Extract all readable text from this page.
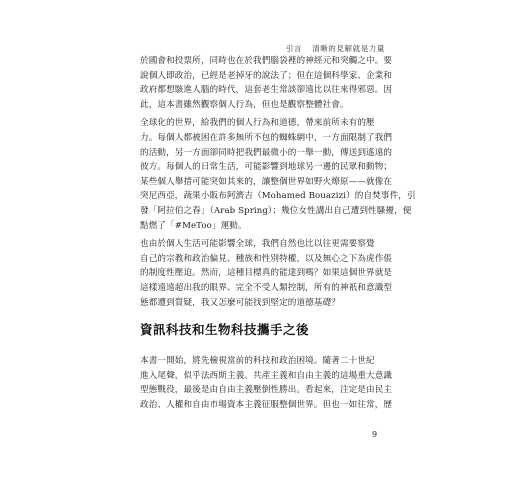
引言 清晰的見解就是力量
於國會和投票所，同時也在於我們腦袋裡的神經元和突觸之中。要
說個人即政治，已經是老掉牙的說法了；但在這個科學家、企業和
政府都想駭進人腦的時代，這套老生常談卻遠比以往來得邪惡。因
此，這本書雖然觀察個人行為，但也是觀察整體社會。
全球化的世界，給我們的個人行為和道德，帶來前所未有的壓
力。每個人都被困在許多無所不包的蜘蛛網中，一方面限制了我們
的活動，另一方面卻同時把我們最微小的一舉一動，傳送到遙遠的
彼方。每個人的日常生活，可能影響到地球另一邊的民眾和動物；
某些個人舉措可能突如其來的，讓整個世界如野火燎原——就像在
突尼西亞，蔬果小販布阿濟吉（Mohamed Bouazizi）的自焚事件，引
發「阿拉伯之春」（Arab Spring）；幾位女性講出自己遭到性騷擾，便
點燃了「#MeToo」運動。
也由於個人生活可能影響全球，我們自然也比以往更需要察覺
自己的宗教和政治偏見、種族和性別特權，以及無心之下為虎作倀
的制度性壓迫。然而，這種目標真的能達到嗎？如果這個世界就是
這樣遠遠超出我的眼界、完全不受人類控制，所有的神祇和意識型
態都遭到質疑，我又怎麼可能找到堅定的道德基礎？
資訊科技和生物科技攜手之後
本書一開始，將先檢視當前的科技和政治困境。隨著二十世紀
進入尾聲，似乎法西斯主義、共產主義和自由主義的這場重大意識
型態戰役，最後是由自由主義壓倒性勝出。看起來，注定是由民主
政治、人權和自由市場資本主義征服整個世界。但也一如往常，歷
9
